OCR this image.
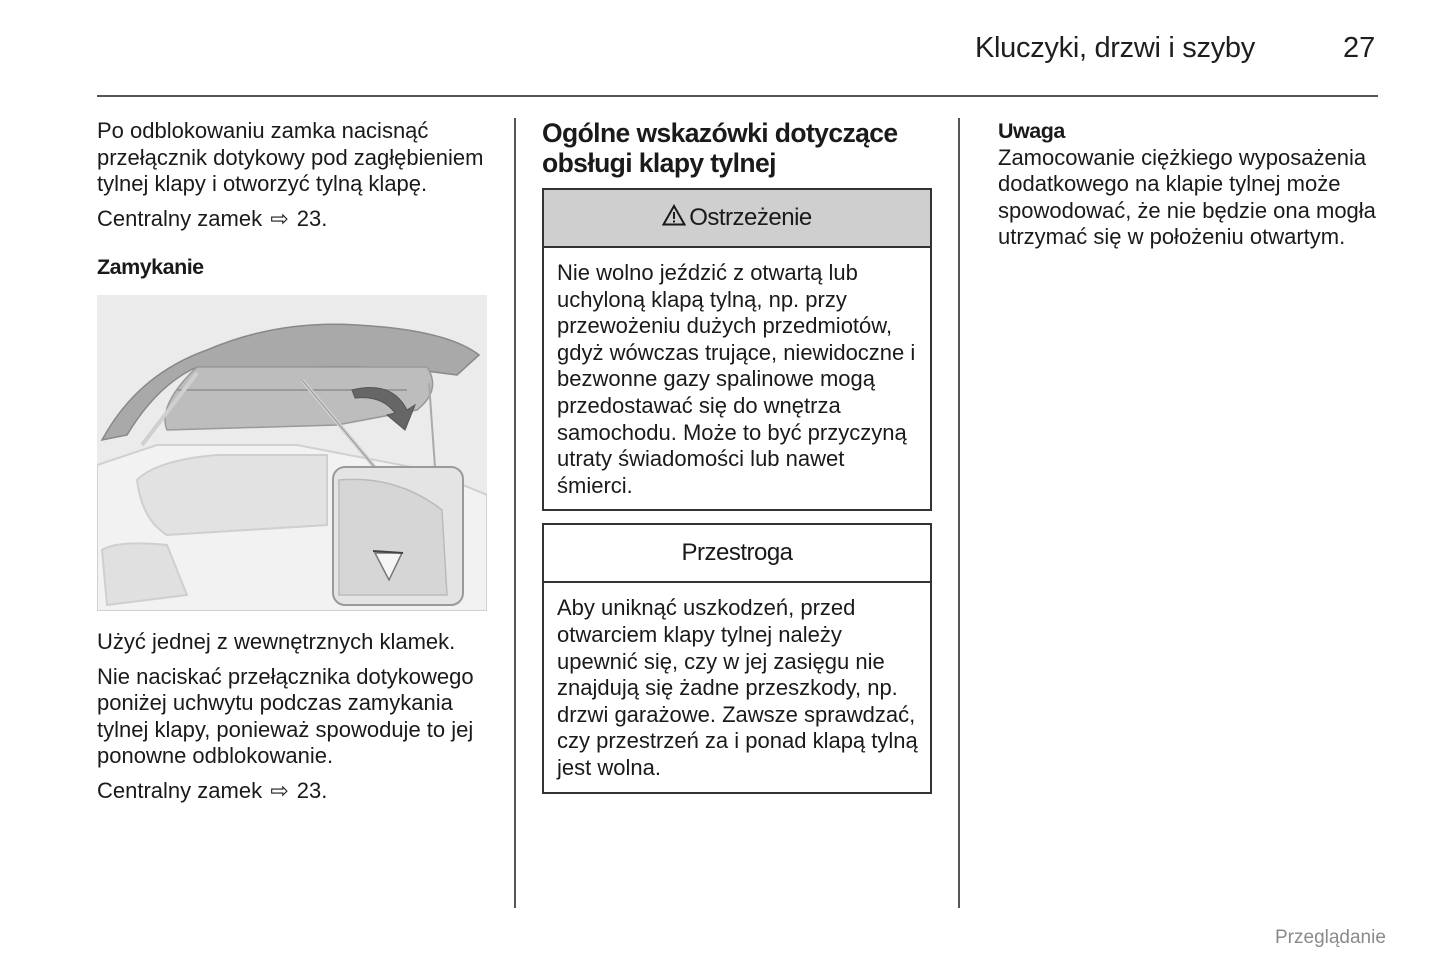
Kluczyki, drzwi i szyby	27

Po odblokowaniu zamka nacisnąć przełącznik dotykowy pod zagłębieniem tylnej klapy i otworzyć tylną klapę.

Centralny zamek ⇨ 23.

Zamykanie

Użyć jednej z wewnętrznych klamek.

Nie naciskać przełącznika dotykowego poniżej uchwytu podczas zamykania tylnej klapy, ponieważ spowoduje to jej ponowne odblokowanie.

Centralny zamek ⇨ 23.

Ogólne wskazówki dotyczące obsługi klapy tylnej
Ostrzeżenie
Nie wolno jeździć z otwartą lub uchyloną klapą tylną, np. przy przewożeniu dużych przedmiotów, gdyż wówczas trujące, niewidoczne i bezwonne gazy spalinowe mogą przedostawać się do wnętrza samochodu. Może to być przyczyną utraty świadomości lub nawet śmierci.
Przestroga
Aby uniknąć uszkodzeń, przed otwarciem klapy tylnej należy upewnić się, czy w jej zasięgu nie znajdują się żadne przeszkody, np. drzwi garażowe. Zawsze sprawdzać, czy przestrzeń za i ponad klapą tylną jest wolna.
Uwaga

Zamocowanie ciężkiego wyposażenia dodatkowego na klapie tylnej może spowodować, że nie będzie ona mogła utrzymać się w położeniu otwartym.

Przeglądanie
